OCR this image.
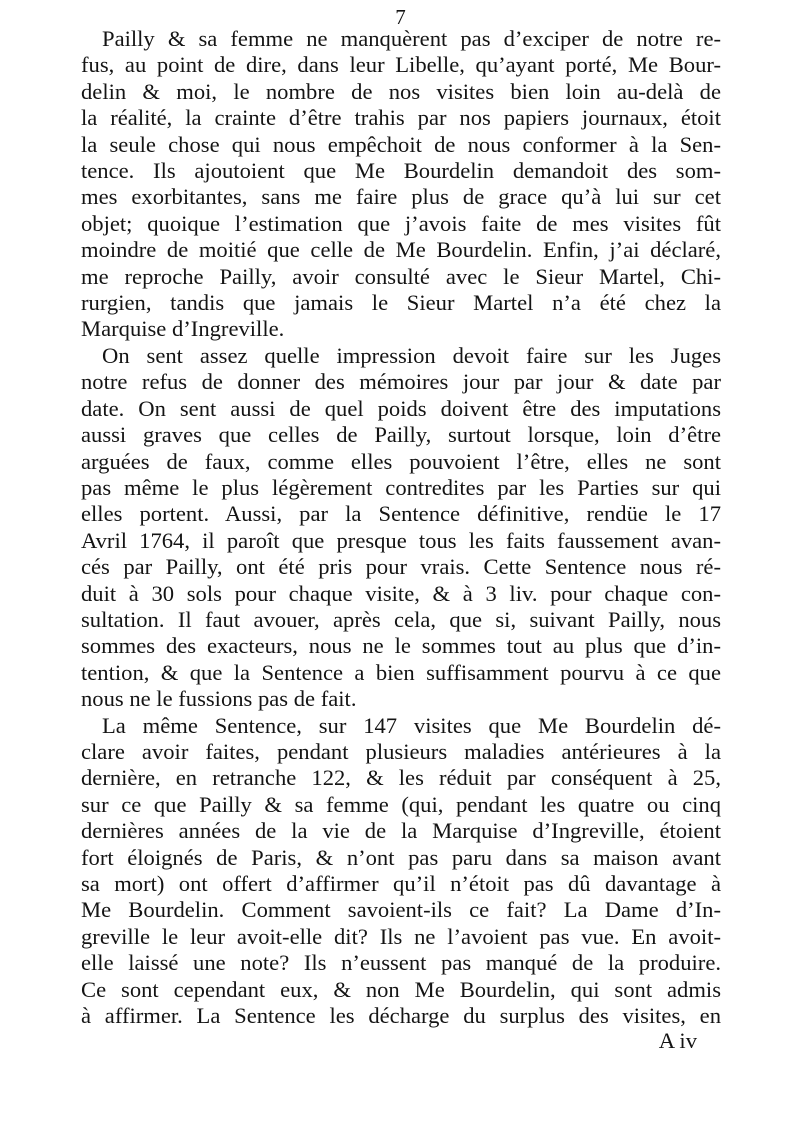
7
Pailly & sa femme ne manquèrent pas d’exciper de notre re-
fus, au point de dire, dans leur Libelle, qu’ayant porté, Me Bour-
delin & moi, le nombre de nos visites bien loin au-delà de
la réalité, la crainte d’être trahis par nos papiers journaux, étoit
la seule chose qui nous empêchoit de nous conformer à la Sen-
tence. Ils ajoutoient que Me Bourdelin demandoit des som-
mes exorbitantes, sans me faire plus de grace qu’à lui sur cet
objet; quoique l’estimation que j’avois faite de mes visites fût
moindre de moitié que celle de Me Bourdelin. Enfin, j’ai déclaré,
me reproche Pailly, avoir consulté avec le Sieur Martel, Chi-
rurgien, tandis que jamais le Sieur Martel n’a été chez la
Marquise d’Ingreville.
On sent assez quelle impression devoit faire sur les Juges
notre refus de donner des mémoires jour par jour & date par
date. On sent aussi de quel poids doivent être des imputations
aussi graves que celles de Pailly, surtout lorsque, loin d’être
arguées de faux, comme elles pouvoient l’être, elles ne sont
pas même le plus légèrement contredites par les Parties sur qui
elles portent. Aussi, par la Sentence définitive, rendüe le 17
Avril 1764, il paroît que presque tous les faits faussement avan-
cés par Pailly, ont été pris pour vrais. Cette Sentence nous ré-
duit à 30 sols pour chaque visite, & à 3 liv. pour chaque con-
sultation. Il faut avouer, après cela, que si, suivant Pailly, nous
sommes des exacteurs, nous ne le sommes tout au plus que d’in-
tention, & que la Sentence a bien suffisamment pourvu à ce que
nous ne le fussions pas de fait.
La même Sentence, sur 147 visites que Me Bourdelin dé-
clare avoir faites, pendant plusieurs maladies antérieures à la
dernière, en retranche 122, & les réduit par conséquent à 25,
sur ce que Pailly & sa femme (qui, pendant les quatre ou cinq
dernières années de la vie de la Marquise d’Ingreville, étoient
fort éloignés de Paris, & n’ont pas paru dans sa maison avant
sa mort) ont offert d’affirmer qu’il n’étoit pas dû davantage à
Me Bourdelin. Comment savoient-ils ce fait? La Dame d’In-
greville le leur avoit-elle dit? Ils ne l’avoient pas vue. En avoit-
elle laissé une note? Ils n’eussent pas manqué de la produire.
Ce sont cependant eux, & non Me Bourdelin, qui sont admis
à affirmer. La Sentence les décharge du surplus des visites, en
A iv
